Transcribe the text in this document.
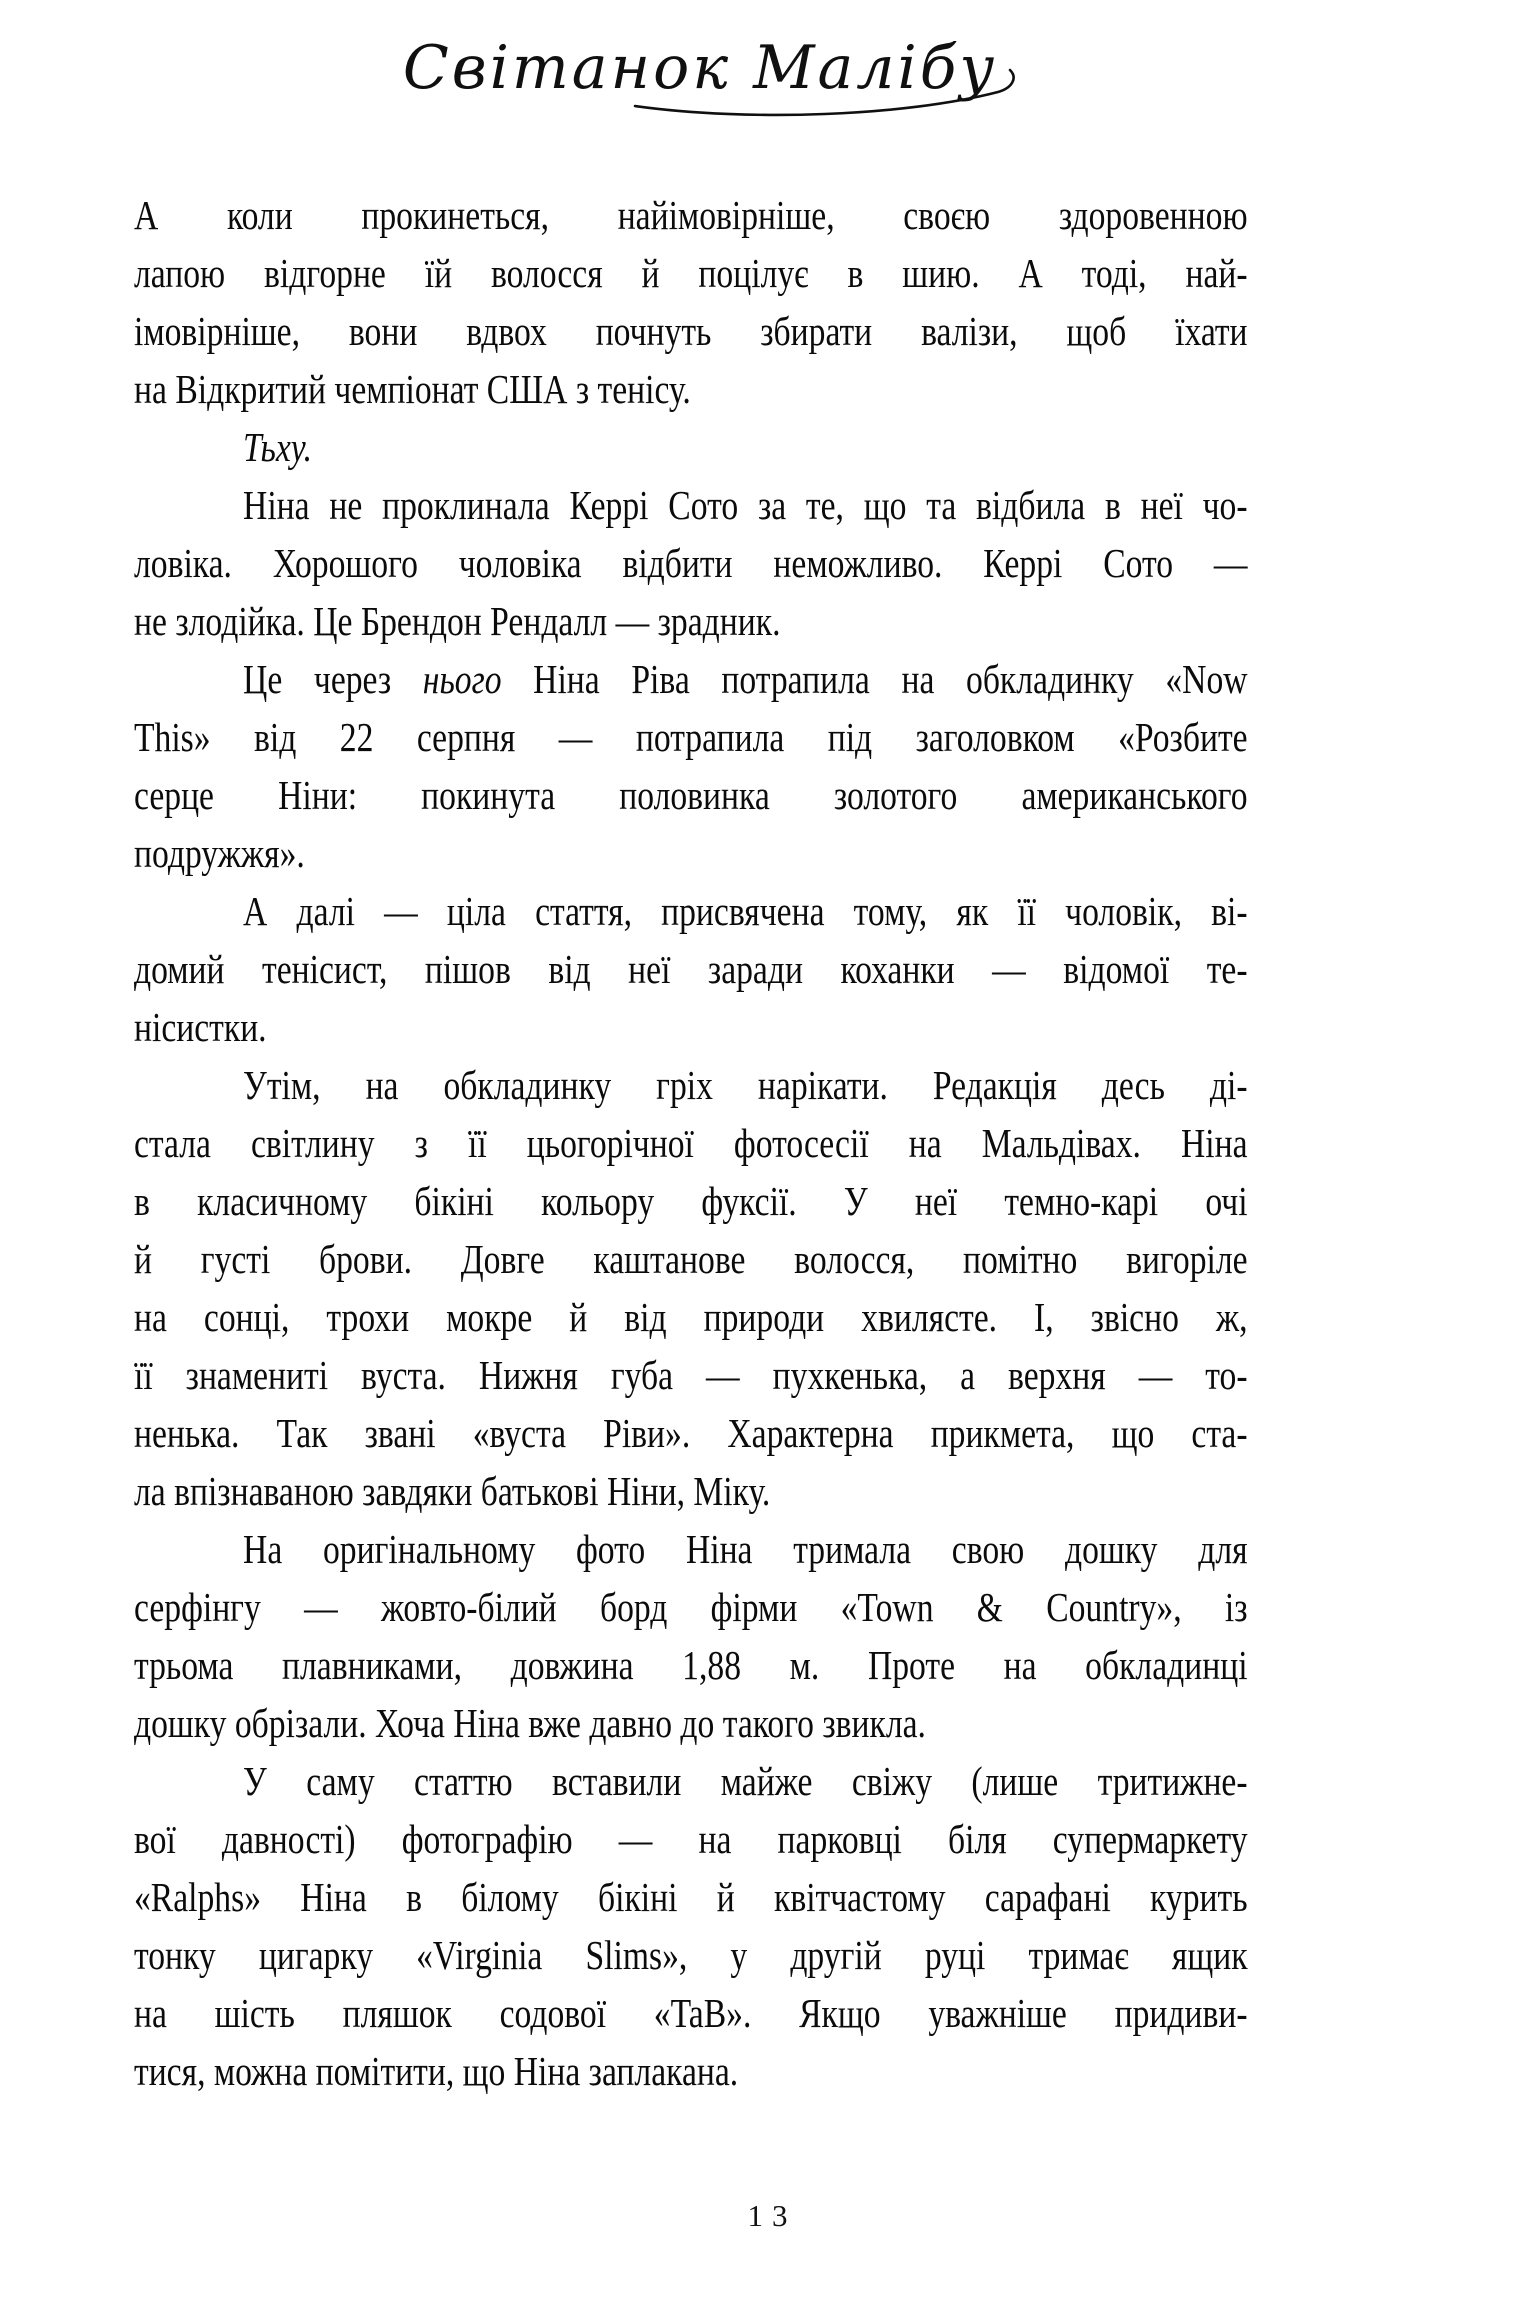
Світанок Малібу
А коли прокинеться, найімовірніше, своєю здоровенною
лапою відгорне їй волосся й поцілує в шию. А тоді, най-
імовірніше, вони вдвох почнуть збирати валізи, щоб їхати
на Відкритий чемпіонат США з тенісу.
Тьху.
Ніна не проклинала Керрі Сото за те, що та відбила в неї чо-
ловіка. Хорошого чоловіка відбити неможливо. Керрі Сото —
не злодійка. Це Брендон Рендалл — зрадник.
Це через нього Ніна Ріва потрапила на обкладинку «Now
This» від 22 серпня — потрапила під заголовком «Розбите
серце Ніни: покинута половинка золотого американського
подружжя».
А далі — ціла стаття, присвячена тому, як її чоловік, ві-
домий тенісист, пішов від неї заради коханки — відомої те-
нісистки.
Утім, на обкладинку гріх нарікати. Редакція десь ді-
стала світлину з її цьогорічної фотосесії на Мальдівах. Ніна
в класичному бікіні кольору фуксії. У неї темно-карі очі
й густі брови. Довге каштанове волосся, помітно вигоріле
на сонці, трохи мокре й від природи хвилясте. І, звісно ж,
її знамениті вуста. Нижня губа — пухкенька, а верхня — то-
ненька. Так звані «вуста Ріви». Характерна прикмета, що ста-
ла впізнаваною завдяки батькові Ніни, Міку.
На оригінальному фото Ніна тримала свою дошку для
серфінгу — жовто-білий борд фірми «Town & Country», із
трьома плавниками, довжина 1,88 м. Проте на обкладинці
дошку обрізали. Хоча Ніна вже давно до такого звикла.
У саму статтю вставили майже свіжу (лише тритижне-
вої давності) фотографію — на парковці біля супермаркету
«Ralphs» Ніна в білому бікіні й квітчастому сарафані курить
тонку цигарку «Virginia Slims», у другій руці тримає ящик
на шість пляшок содової «TaB». Якщо уважніше придиви-
тися, можна помітити, що Ніна заплакана.
13
